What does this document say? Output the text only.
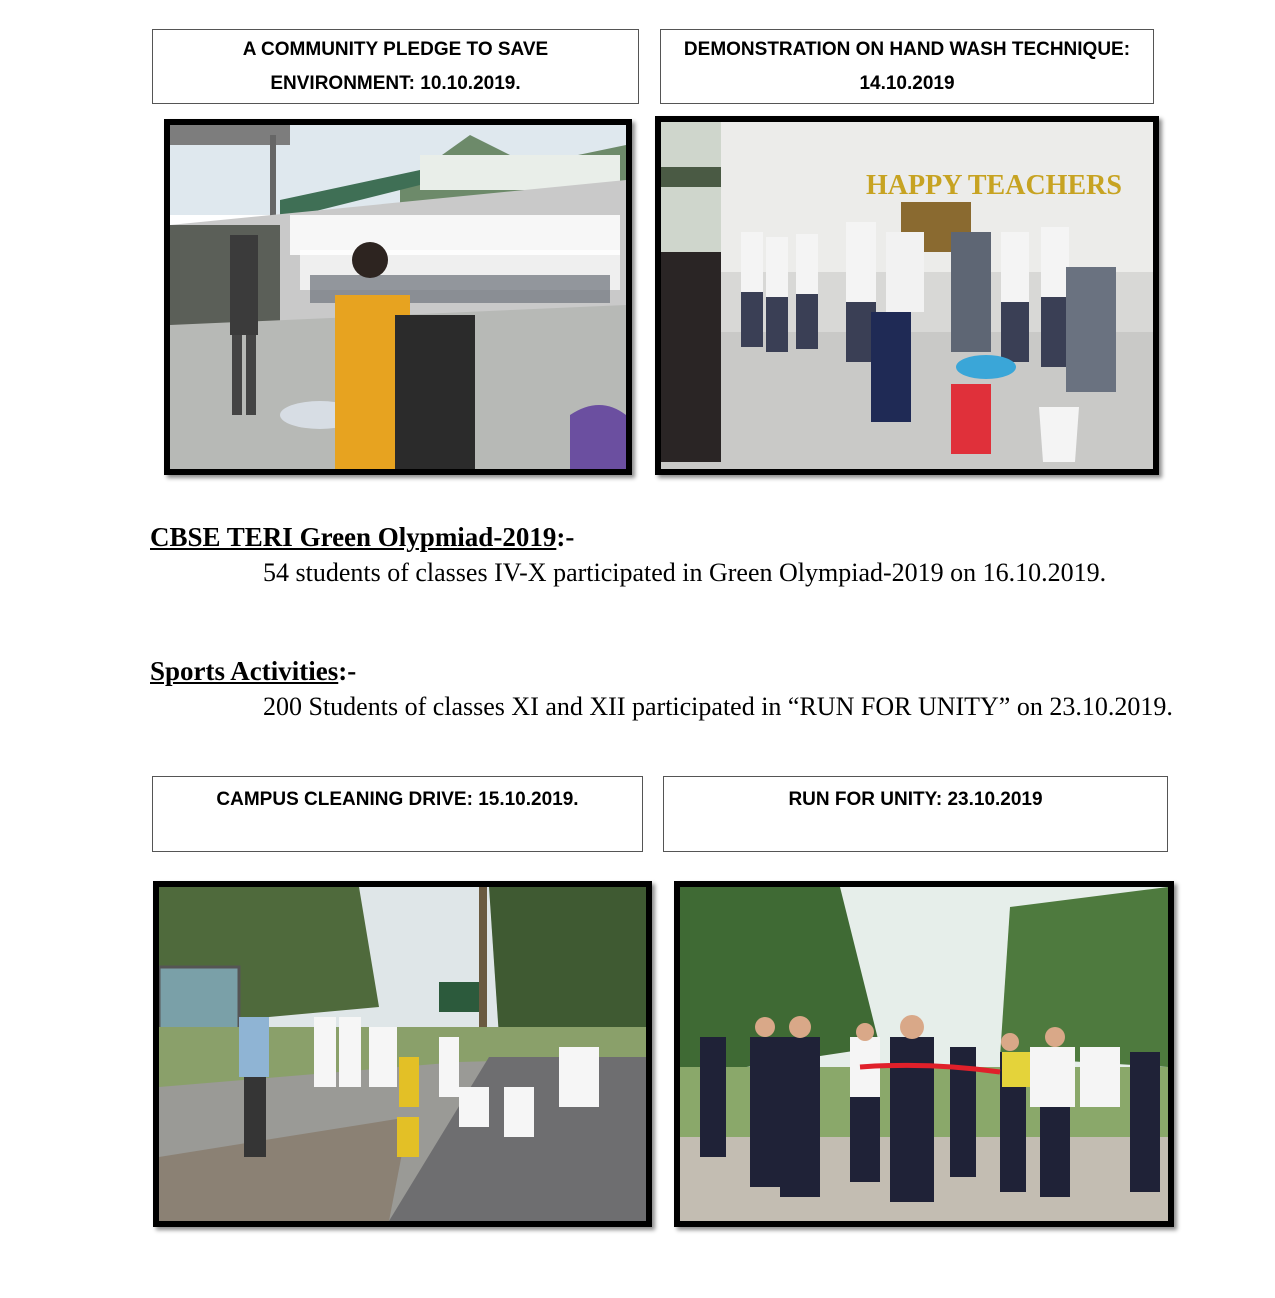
A COMMUNITY PLEDGE TO SAVE
ENVIRONMENT: 10.10.2019.
DEMONSTRATION ON HAND WASH TECHNIQUE:
14.10.2019
HAPPY TEACHERS
CBSE TERI Green Olypmiad-2019:-
54 students of classes IV-X participated in Green Olympiad-2019 on 16.10.2019.
Sports Activities:-
200 Students of classes XI and XII participated in “RUN FOR UNITY” on 23.10.2019.
CAMPUS CLEANING DRIVE: 15.10.2019.	RUN FOR UNITY: 23.10.2019
